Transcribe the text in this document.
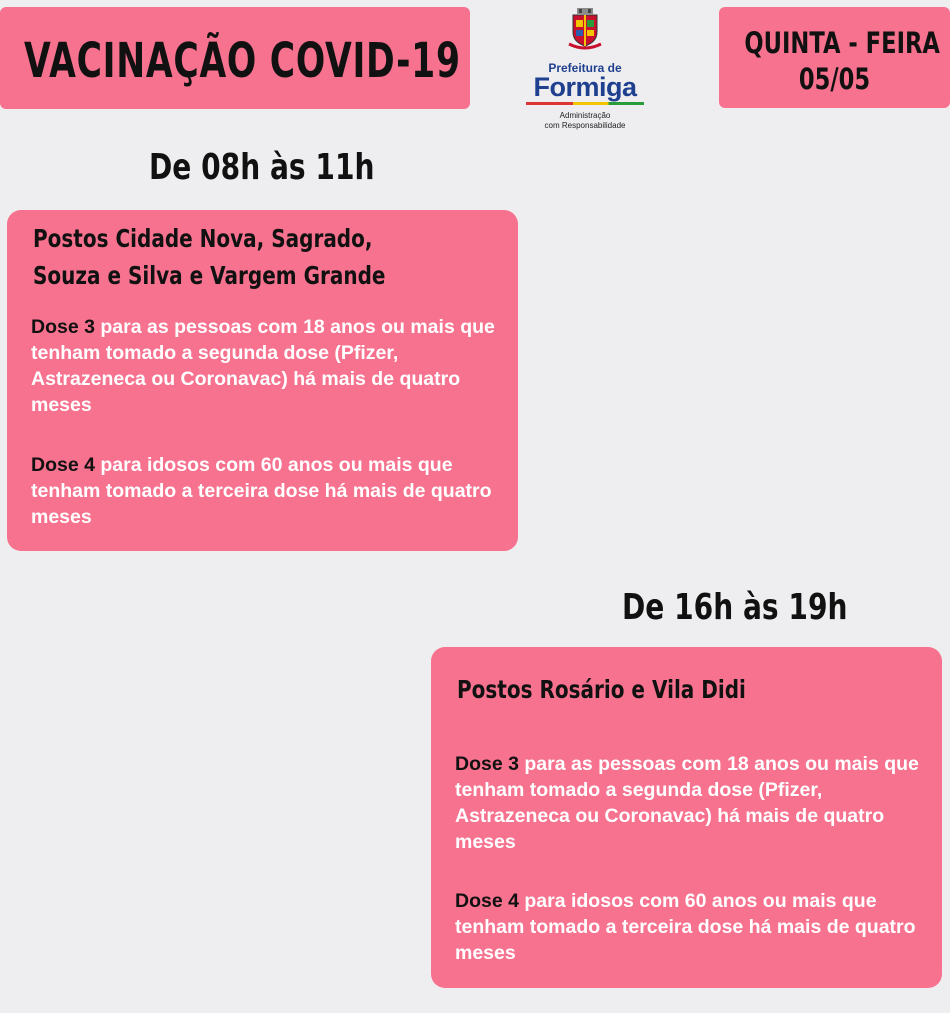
VACINAÇÃO COVID-19	Prefeitura de
Formiga
Administração
com Responsabilidade
QUINTA - FEIRA
05/05
De 08h às 11h
Postos Cidade Nova, Sagrado,
Souza e Silva e Vargem Grande
Dose 3 para as pessoas com 18 anos ou mais que tenham tomado a segunda dose (Pfizer, Astrazeneca ou Coronavac) há mais de quatro meses
Dose 4 para idosos com 60 anos ou mais que tenham tomado a terceira dose há mais de quatro meses
De 16h às 19h
Postos Rosário e Vila Didi
Dose 3 para as pessoas com 18 anos ou mais que tenham tomado a segunda dose (Pfizer, Astrazeneca ou Coronavac) há mais de quatro meses
Dose 4 para idosos com 60 anos ou mais que tenham tomado a terceira dose há mais de quatro meses
